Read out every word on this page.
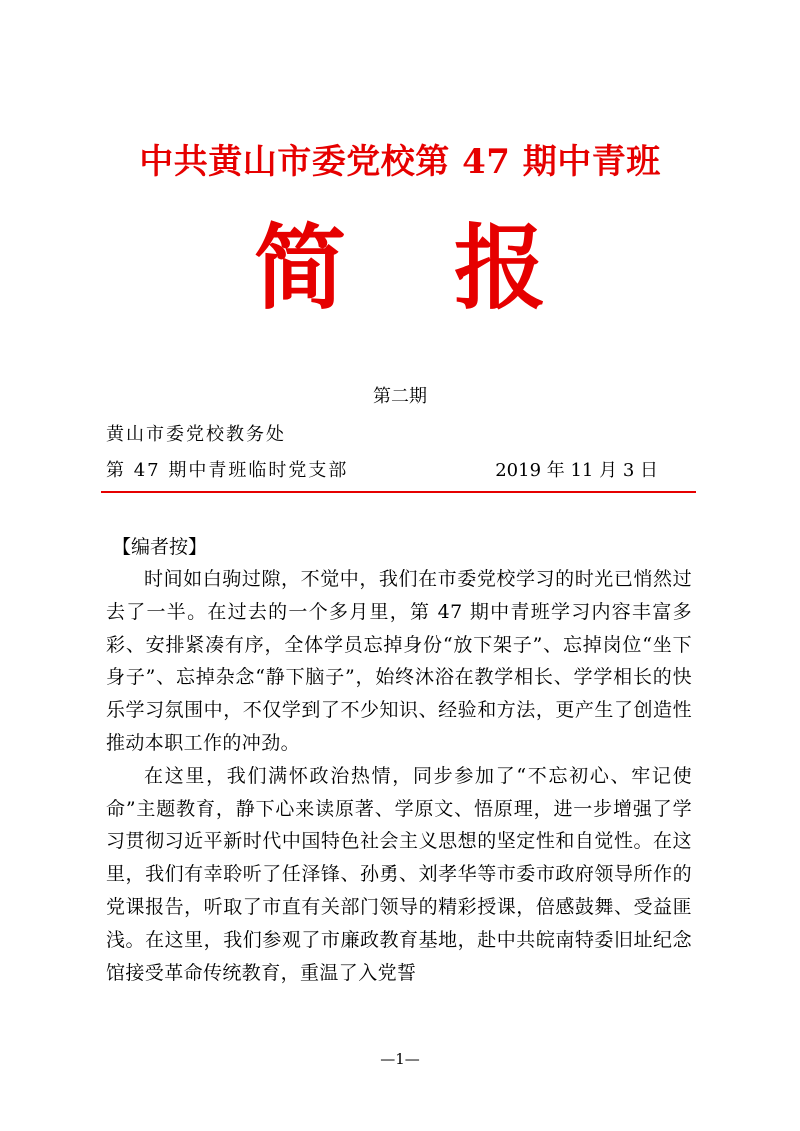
中共黄山市委党校第 47 期中青班
简 报
第二期
黄山市委党校教务处
第 47 期中青班临时党支部	2019 年 11 月 3 日
【编者按】

时间如白驹过隙，不觉中，我们在市委党校学习的时光已悄然过去了一半。在过去的一个多月里，第 47 期中青班学习内容丰富多彩、安排紧凑有序，全体学员忘掉身份“放下架子”、忘掉岗位“坐下身子”、忘掉杂念“静下脑子”，始终沐浴在教学相长、学学相长的快乐学习氛围中，不仅学到了不少知识、经验和方法，更产生了创造性推动本职工作的冲劲。

在这里，我们满怀政治热情，同步参加了“不忘初心、牢记使命”主题教育，静下心来读原著、学原文、悟原理，进一步增强了学习贯彻习近平新时代中国特色社会主义思想的坚定性和自觉性。在这里，我们有幸聆听了任泽锋、孙勇、刘孝华等市委市政府领导所作的党课报告，听取了市直有关部门领导的精彩授课，倍感鼓舞、受益匪浅。在这里，我们参观了市廉政教育基地，赴中共皖南特委旧址纪念馆接受革命传统教育，重温了入党誓

—1—
